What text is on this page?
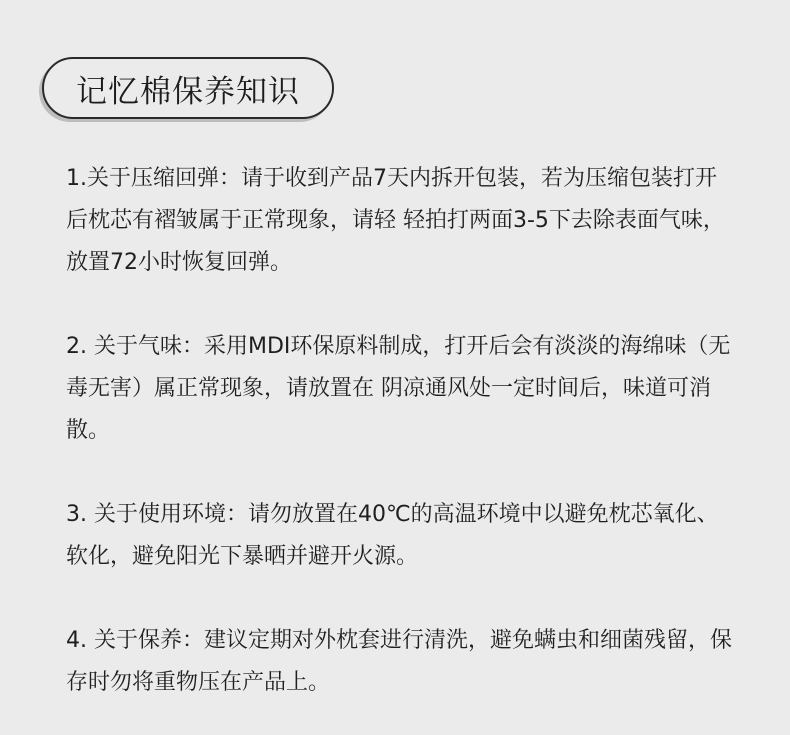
记忆棉保养知识

1.关于压缩回弹：请于收到产品7天内拆开包装，若为压缩包装打开后枕芯有褶皱属于正常现象，请轻 轻拍打两面3-5下去除表面气味，放置72小时恢复回弹。

2. 关于气味：采用MDI环保原料制成，打开后会有淡淡的海绵味（无毒无害）属正常现象，请放置在 阴凉通风处一定时间后，味道可消散。

3. 关于使用环境：请勿放置在40℃的高温环境中以避免枕芯氧化、软化，避免阳光下暴晒并避开火源。

4. 关于保养：建议定期对外枕套进行清洗，避免螨虫和细菌残留，保存时勿将重物压在产品上。
